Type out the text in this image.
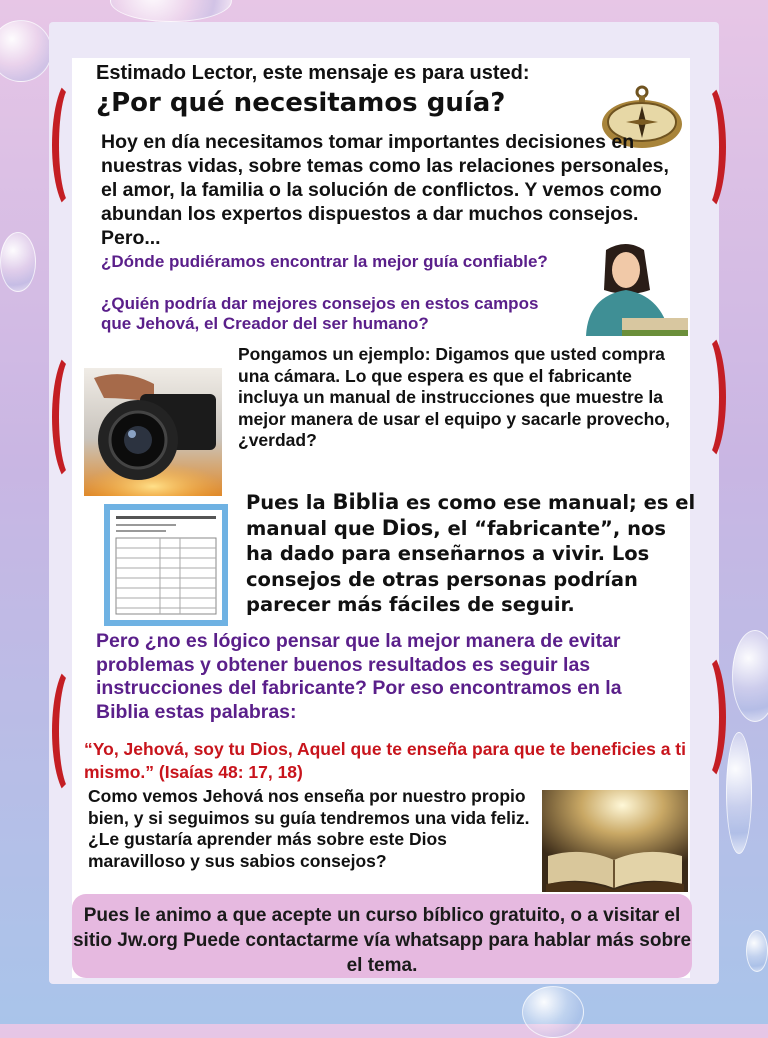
Estimado Lector, este mensaje es para usted:

¿Por qué necesitamos guía?

Hoy en día necesitamos tomar importantes decisiones en nuestras vidas, sobre temas como las relaciones personales, el amor, la familia o la solución de conflictos. Y vemos como abundan los expertos dispuestos a dar muchos consejos. Pero...

¿Dónde pudiéramos encontrar la mejor guía confiable?

¿Quién podría dar mejores consejos en estos campos que Jehová, el Creador del ser humano?

Pongamos un ejemplo: Digamos que usted compra una cámara. Lo que espera es que el fabricante incluya un manual de instrucciones que muestre la mejor manera de usar el equipo y sacarle provecho, ¿verdad?

Pues la Biblia es como ese manual; es el manual que Dios, el “fabricante”, nos ha dado para enseñarnos a vivir. Los consejos de otras personas podrían parecer más fáciles de seguir.

Pero ¿no es lógico pensar que la mejor manera de evitar problemas y obtener buenos resultados es seguir las instrucciones del fabricante? Por eso encontramos en la Biblia estas palabras:

“Yo, Jehová, soy tu Dios, Aquel que te enseña para que te beneficies a ti mismo.” (Isaías 48: 17, 18)

Como vemos Jehová nos enseña por nuestro propio bien, y si seguimos su guía tendremos una vida feliz. ¿Le gustaría aprender más sobre este Dios maravilloso y sus sabios consejos?

Pues le animo a que acepte un curso bíblico gratuito, o a visitar el sitio Jw.org Puede contactarme vía whatsapp para hablar más sobre el tema.
